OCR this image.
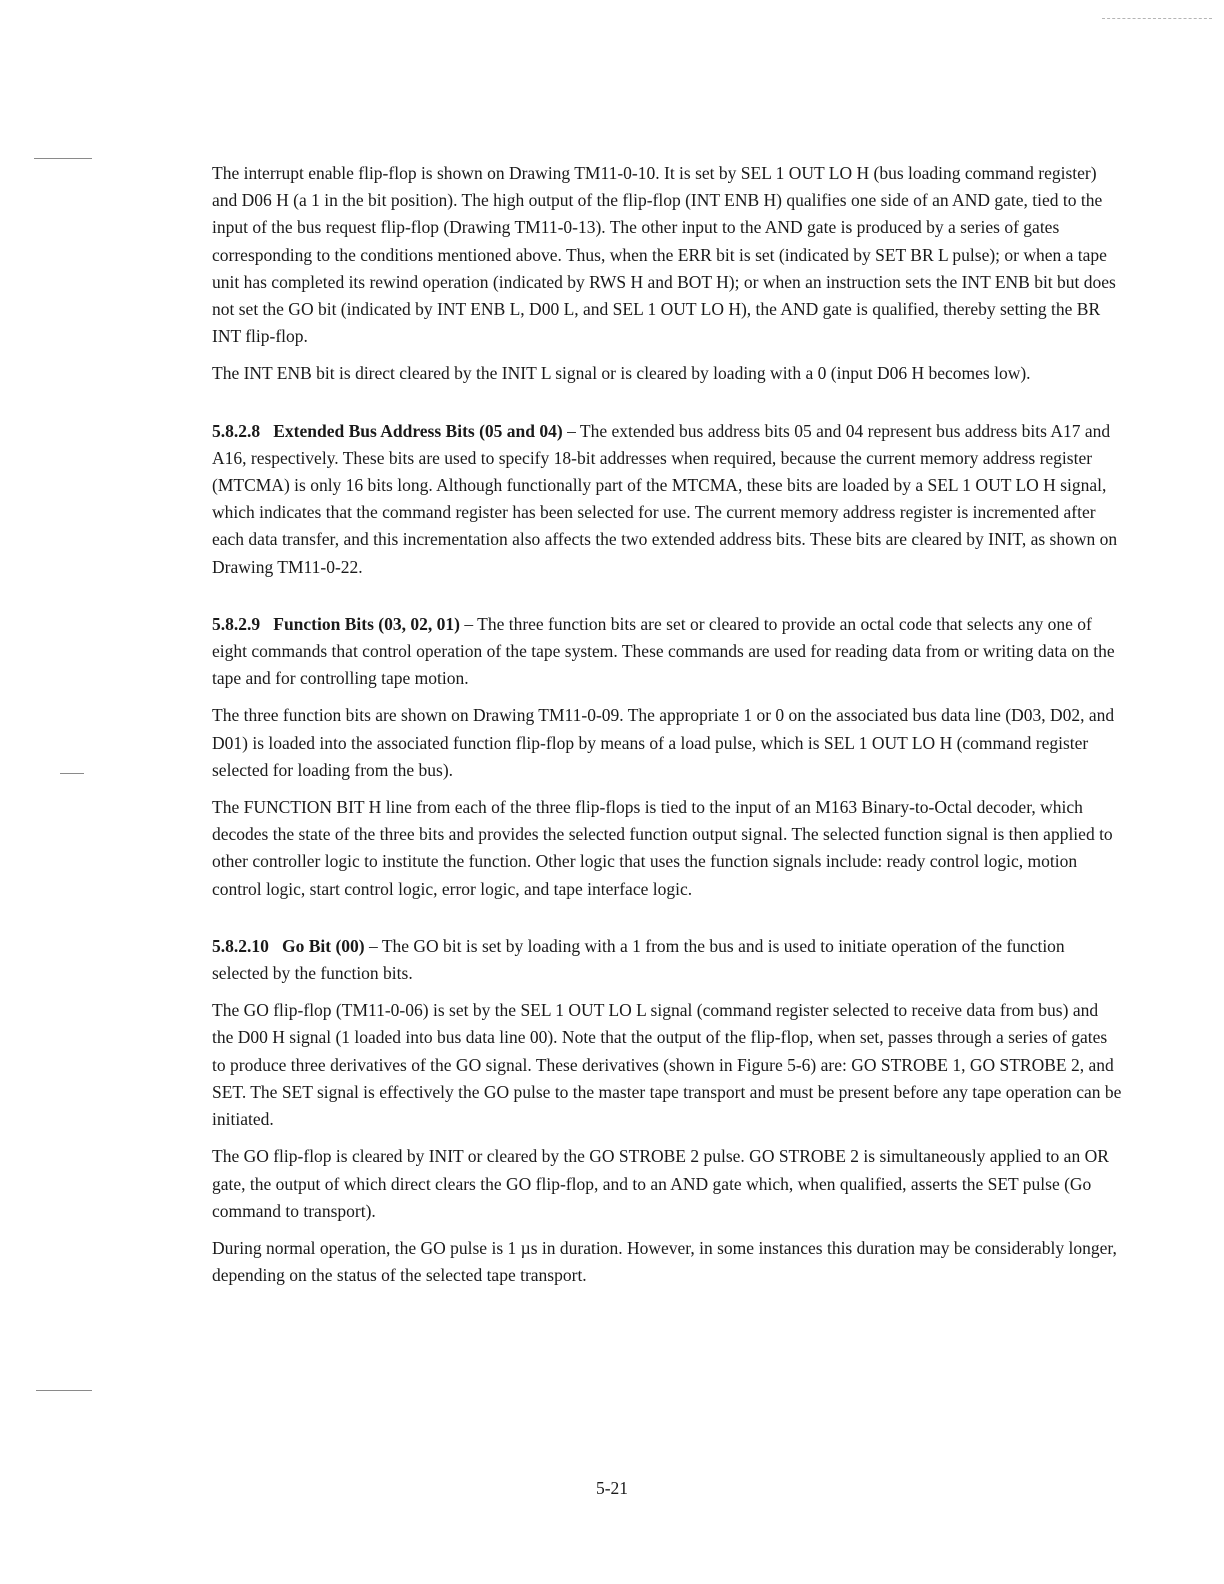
The interrupt enable flip-flop is shown on Drawing TM11-0-10. It is set by SEL 1 OUT LO H (bus loading command register) and D06 H (a 1 in the bit position). The high output of the flip-flop (INT ENB H) qualifies one side of an AND gate, tied to the input of the bus request flip-flop (Drawing TM11-0-13). The other input to the AND gate is produced by a series of gates corresponding to the conditions mentioned above. Thus, when the ERR bit is set (indicated by SET BR L pulse); or when a tape unit has completed its rewind operation (indicated by RWS H and BOT H); or when an instruction sets the INT ENB bit but does not set the GO bit (indicated by INT ENB L, D00 L, and SEL 1 OUT LO H), the AND gate is qualified, thereby setting the BR INT flip-flop.

The INT ENB bit is direct cleared by the INIT L signal or is cleared by loading with a 0 (input D06 H becomes low).

5.8.2.8 Extended Bus Address Bits (05 and 04) – The extended bus address bits 05 and 04 represent bus address bits A17 and A16, respectively. These bits are used to specify 18-bit addresses when required, because the current memory address register (MTCMA) is only 16 bits long. Although functionally part of the MTCMA, these bits are loaded by a SEL 1 OUT LO H signal, which indicates that the command register has been selected for use. The current memory address register is incremented after each data transfer, and this incrementation also affects the two extended address bits. These bits are cleared by INIT, as shown on Drawing TM11-0-22.

5.8.2.9 Function Bits (03, 02, 01) – The three function bits are set or cleared to provide an octal code that selects any one of eight commands that control operation of the tape system. These commands are used for reading data from or writing data on the tape and for controlling tape motion.

The three function bits are shown on Drawing TM11-0-09. The appropriate 1 or 0 on the associated bus data line (D03, D02, and D01) is loaded into the associated function flip-flop by means of a load pulse, which is SEL 1 OUT LO H (command register selected for loading from the bus).

The FUNCTION BIT H line from each of the three flip-flops is tied to the input of an M163 Binary-to-Octal decoder, which decodes the state of the three bits and provides the selected function output signal. The selected function signal is then applied to other controller logic to institute the function. Other logic that uses the function signals include: ready control logic, motion control logic, start control logic, error logic, and tape interface logic.

5.8.2.10 Go Bit (00) – The GO bit is set by loading with a 1 from the bus and is used to initiate operation of the function selected by the function bits.

The GO flip-flop (TM11-0-06) is set by the SEL 1 OUT LO L signal (command register selected to receive data from bus) and the D00 H signal (1 loaded into bus data line 00). Note that the output of the flip-flop, when set, passes through a series of gates to produce three derivatives of the GO signal. These derivatives (shown in Figure 5-6) are: GO STROBE 1, GO STROBE 2, and SET. The SET signal is effectively the GO pulse to the master tape transport and must be present before any tape operation can be initiated.

The GO flip-flop is cleared by INIT or cleared by the GO STROBE 2 pulse. GO STROBE 2 is simultaneously applied to an OR gate, the output of which direct clears the GO flip-flop, and to an AND gate which, when qualified, asserts the SET pulse (Go command to transport).

During normal operation, the GO pulse is 1 µs in duration. However, in some instances this duration may be considerably longer, depending on the status of the selected tape transport.

5-21
